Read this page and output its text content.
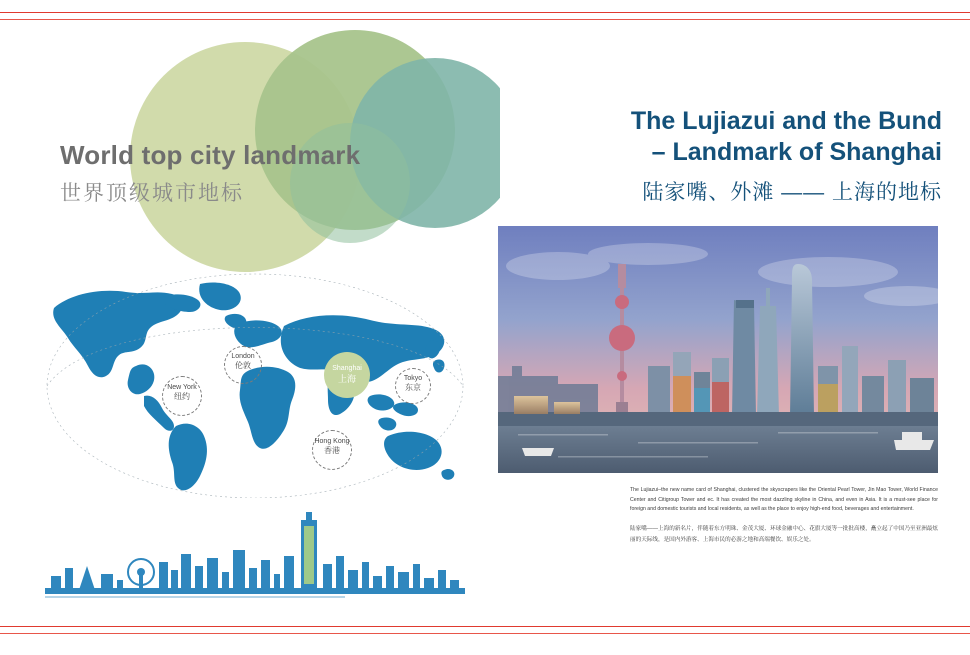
World top city landmark
世界顶级城市地标
London
伦敦
New York
纽约
Tokyo
东京
Hong Kong
香港
Shanghai
上海
The Lujiazui and the Bund
– Landmark of Shanghai
陆家嘴、外滩 —— 上海的地标

The Lujiazui–the new name card of Shanghai, clustered the skyscrapers like the Oriental Pearl Tower, Jin Mao Tower, World Finance Center and Citigroup Tower and ec. It has created the most dazzling skyline in China, and even in Asia. It is a must-see place for foreign and domestic tourists and local residents, as well as the place to enjoy high-end food, beverages and entertainment.

陆家嘴——上海的新名片，伴随着东方明珠、金茂大厦、环球金融中心、花旗大厦等一批批高楼，矗立起了中国乃至亚洲最炫丽的天际线，是国内外游客、上海市民的必游之地和高端餐饮、娱乐之处。
